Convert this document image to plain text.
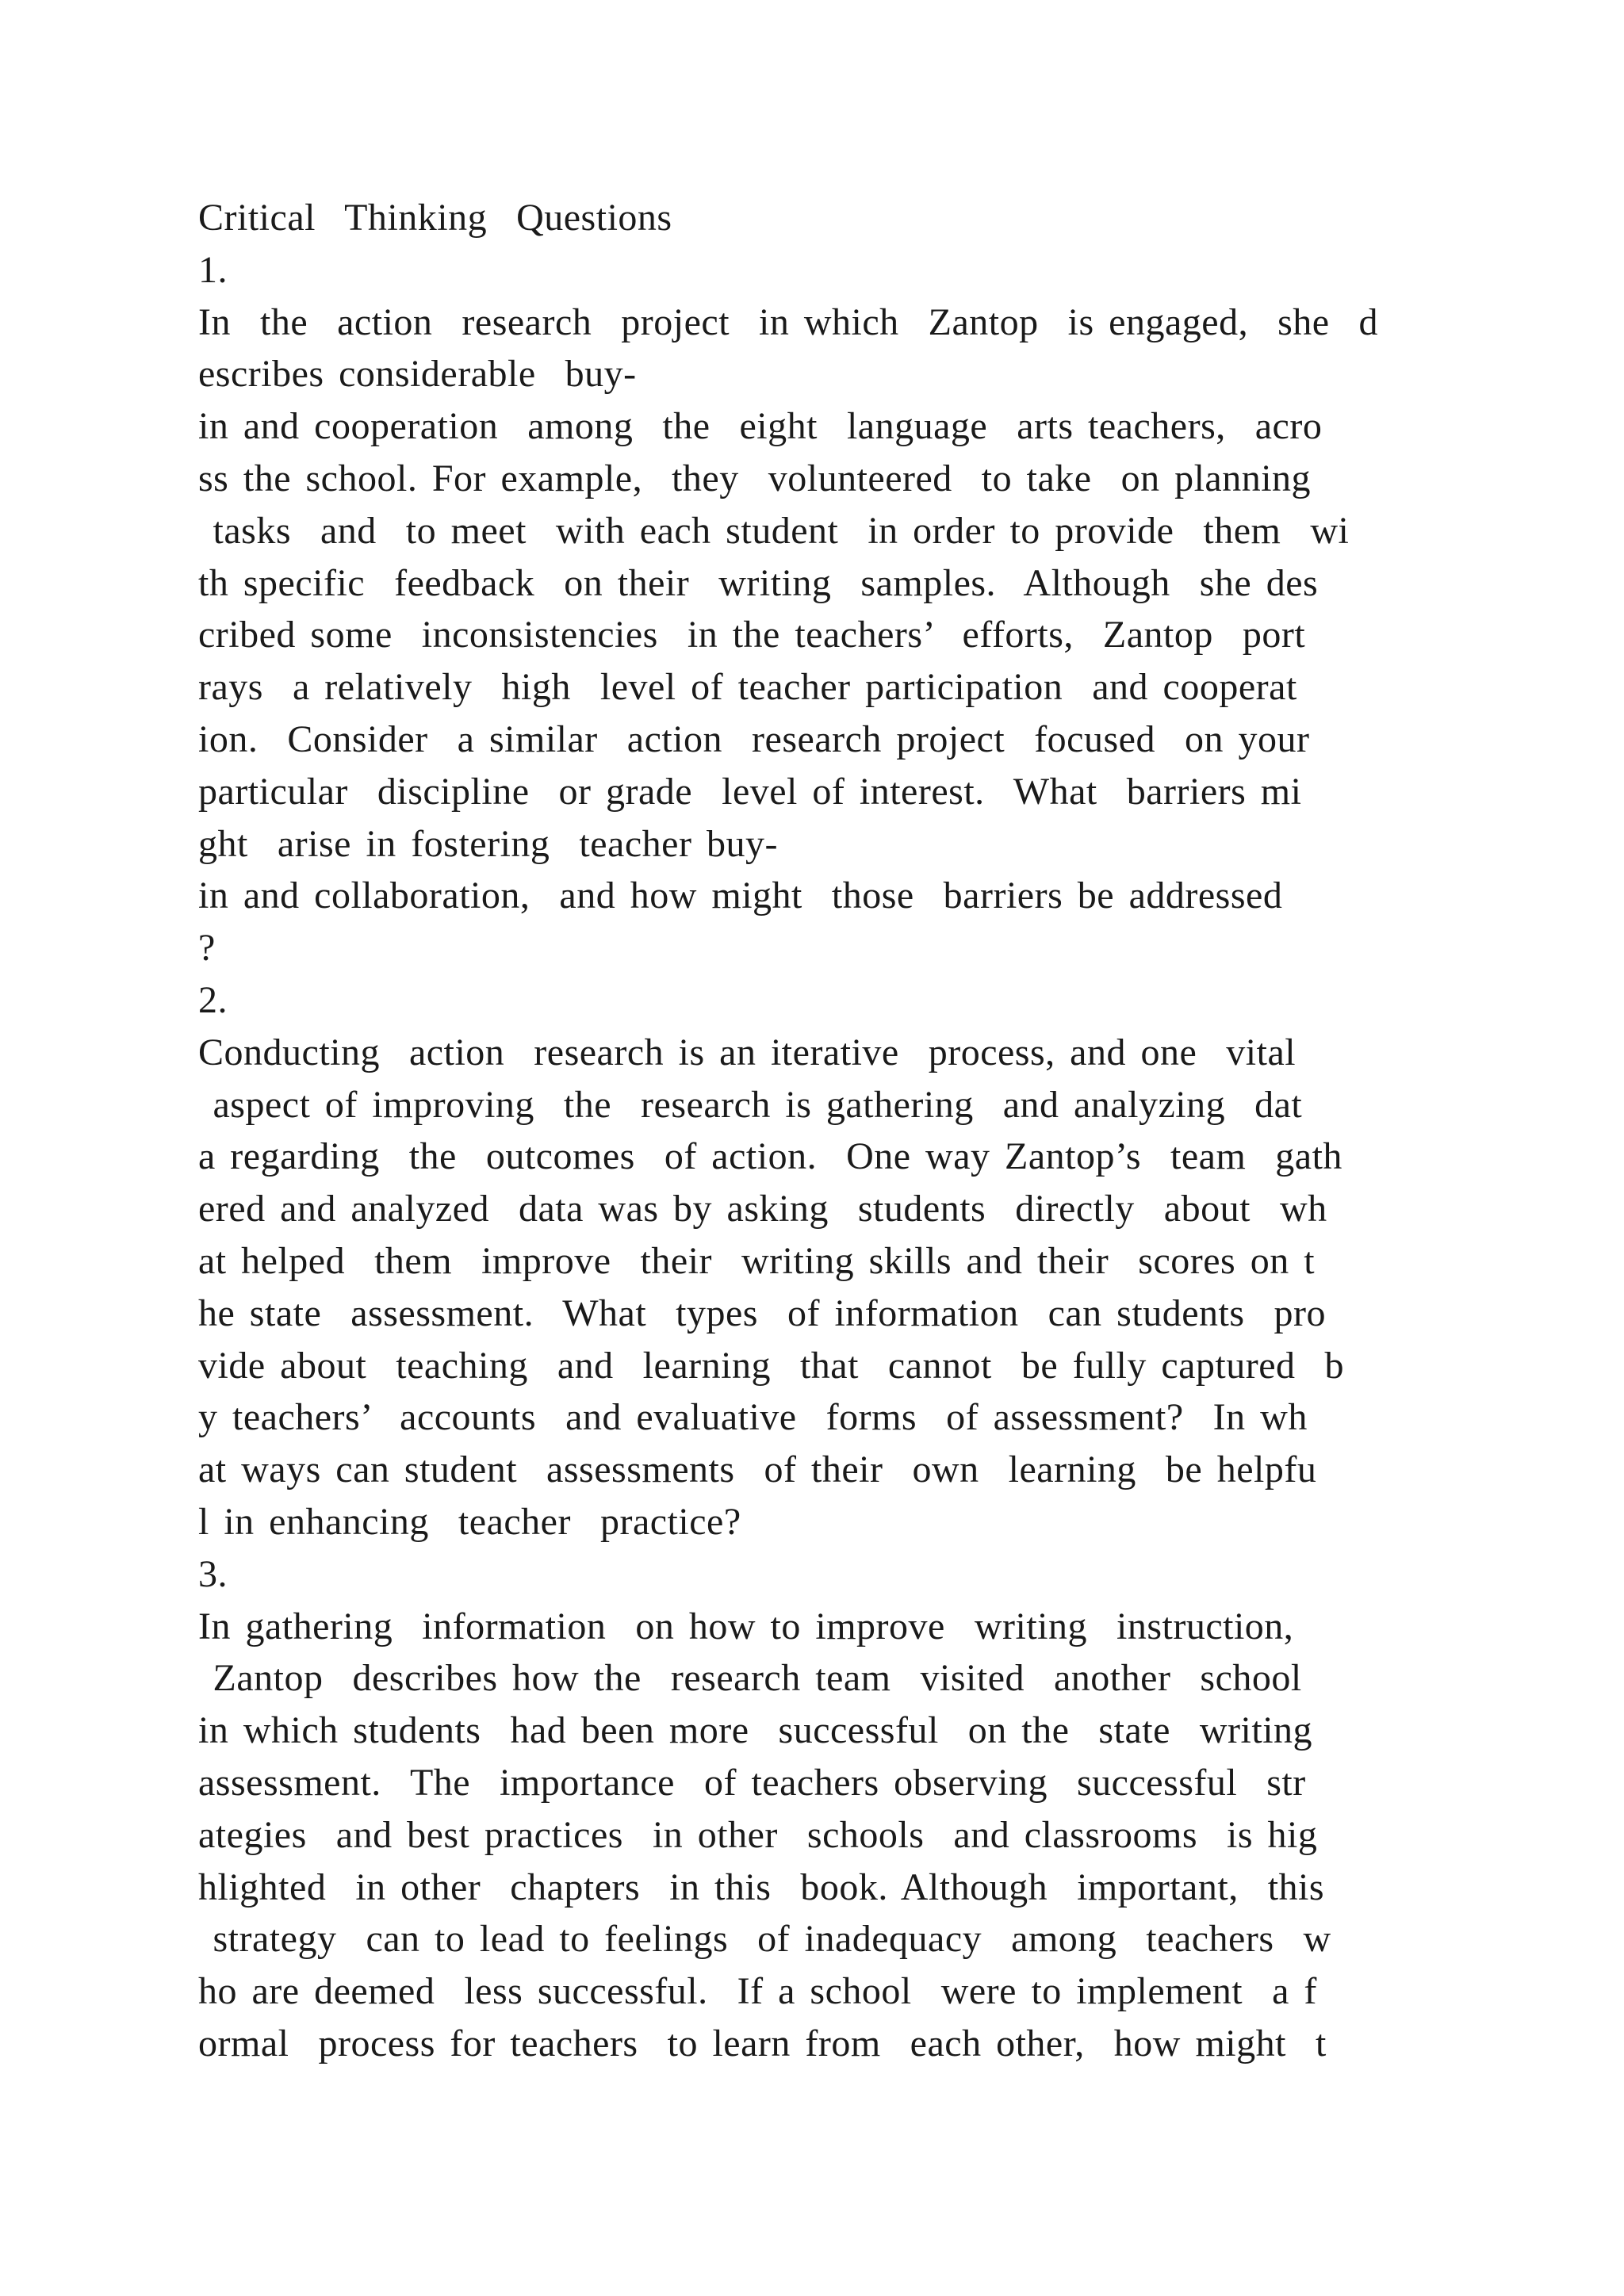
Critical  Thinking  Questions
1.
In  the  action  research  project  in which  Zantop  is engaged,  she  d
escribes considerable  buy-
in and cooperation  among  the  eight  language  arts teachers,  acro
ss the school. For example,  they  volunteered  to take  on planning
tasks  and  to meet  with each student  in order to provide  them  wi
th specific  feedback  on their  writing  samples.  Although  she des
cribed some  inconsistencies  in the teachers’  efforts,  Zantop  port
rays  a relatively  high  level of teacher participation  and cooperat
ion.  Consider  a similar  action  research project  focused  on your
particular  discipline  or grade  level of interest.  What  barriers mi
ght  arise in fostering  teacher buy-
in and collaboration,  and how might  those  barriers be addressed
?
2.
Conducting  action  research is an iterative  process, and one  vital
aspect of improving  the  research is gathering  and analyzing  dat
a regarding  the  outcomes  of action.  One way Zantop’s  team  gath
ered and analyzed  data was by asking  students  directly  about  wh
at helped  them  improve  their  writing skills and their  scores on t
he state  assessment.  What  types  of information  can students  pro
vide about  teaching  and  learning  that  cannot  be fully captured  b
y teachers’  accounts  and evaluative  forms  of assessment?  In wh
at ways can student  assessments  of their  own  learning  be helpfu
l in enhancing  teacher  practice?
3.
In gathering  information  on how to improve  writing  instruction,
Zantop  describes how the  research team  visited  another  school
in which students  had been more  successful  on the  state  writing
assessment.  The  importance  of teachers observing  successful  str
ategies  and best practices  in other  schools  and classrooms  is hig
hlighted  in other  chapters  in this  book. Although  important,  this
strategy  can to lead to feelings  of inadequacy  among  teachers  w
ho are deemed  less successful.  If a school  were to implement  a f
ormal  process for teachers  to learn from  each other,  how might  t
